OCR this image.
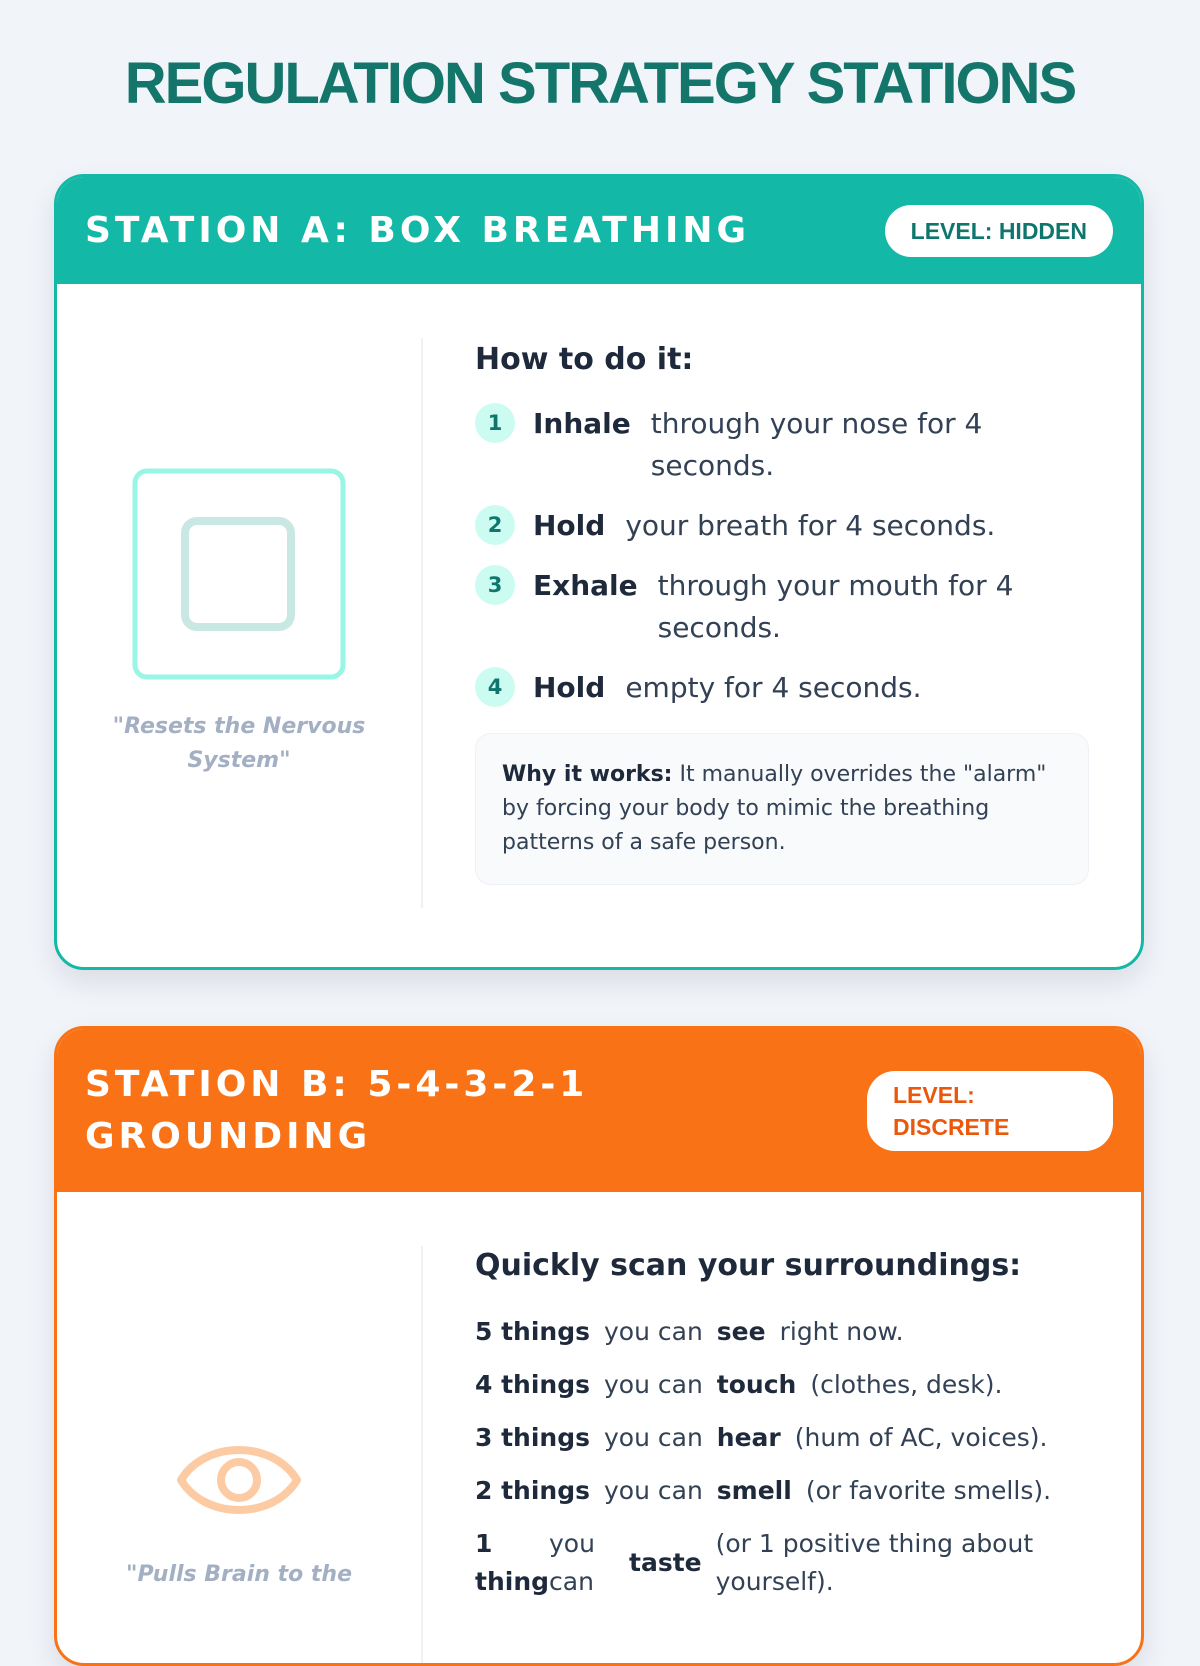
REGULATION STRATEGY STATIONS
STATION A: BOX BREATHING	LEVEL: HIDDEN
"Resets the Nervous System"
How to do it:
1	Inhale through your nose for 4 seconds.
2	Hold your breath for 4 seconds.
3	Exhale through your mouth for 4 seconds.
4	Hold empty for 4 seconds.
Why it works: It manually overrides the "alarm" by forcing your body to mimic the breathing patterns of a safe person.
STATION B: 5-4-3-2-1 GROUNDING
LEVEL: DISCRETE
"Pulls Brain to the
Quickly scan your surroundings:
5 things you can see right now.
4 things you can touch (clothes, desk).
3 things you can hear (hum of AC, voices).
2 things you can smell (or favorite smells).
1 thing
you can
taste
(or 1 positive thing about yourself).
